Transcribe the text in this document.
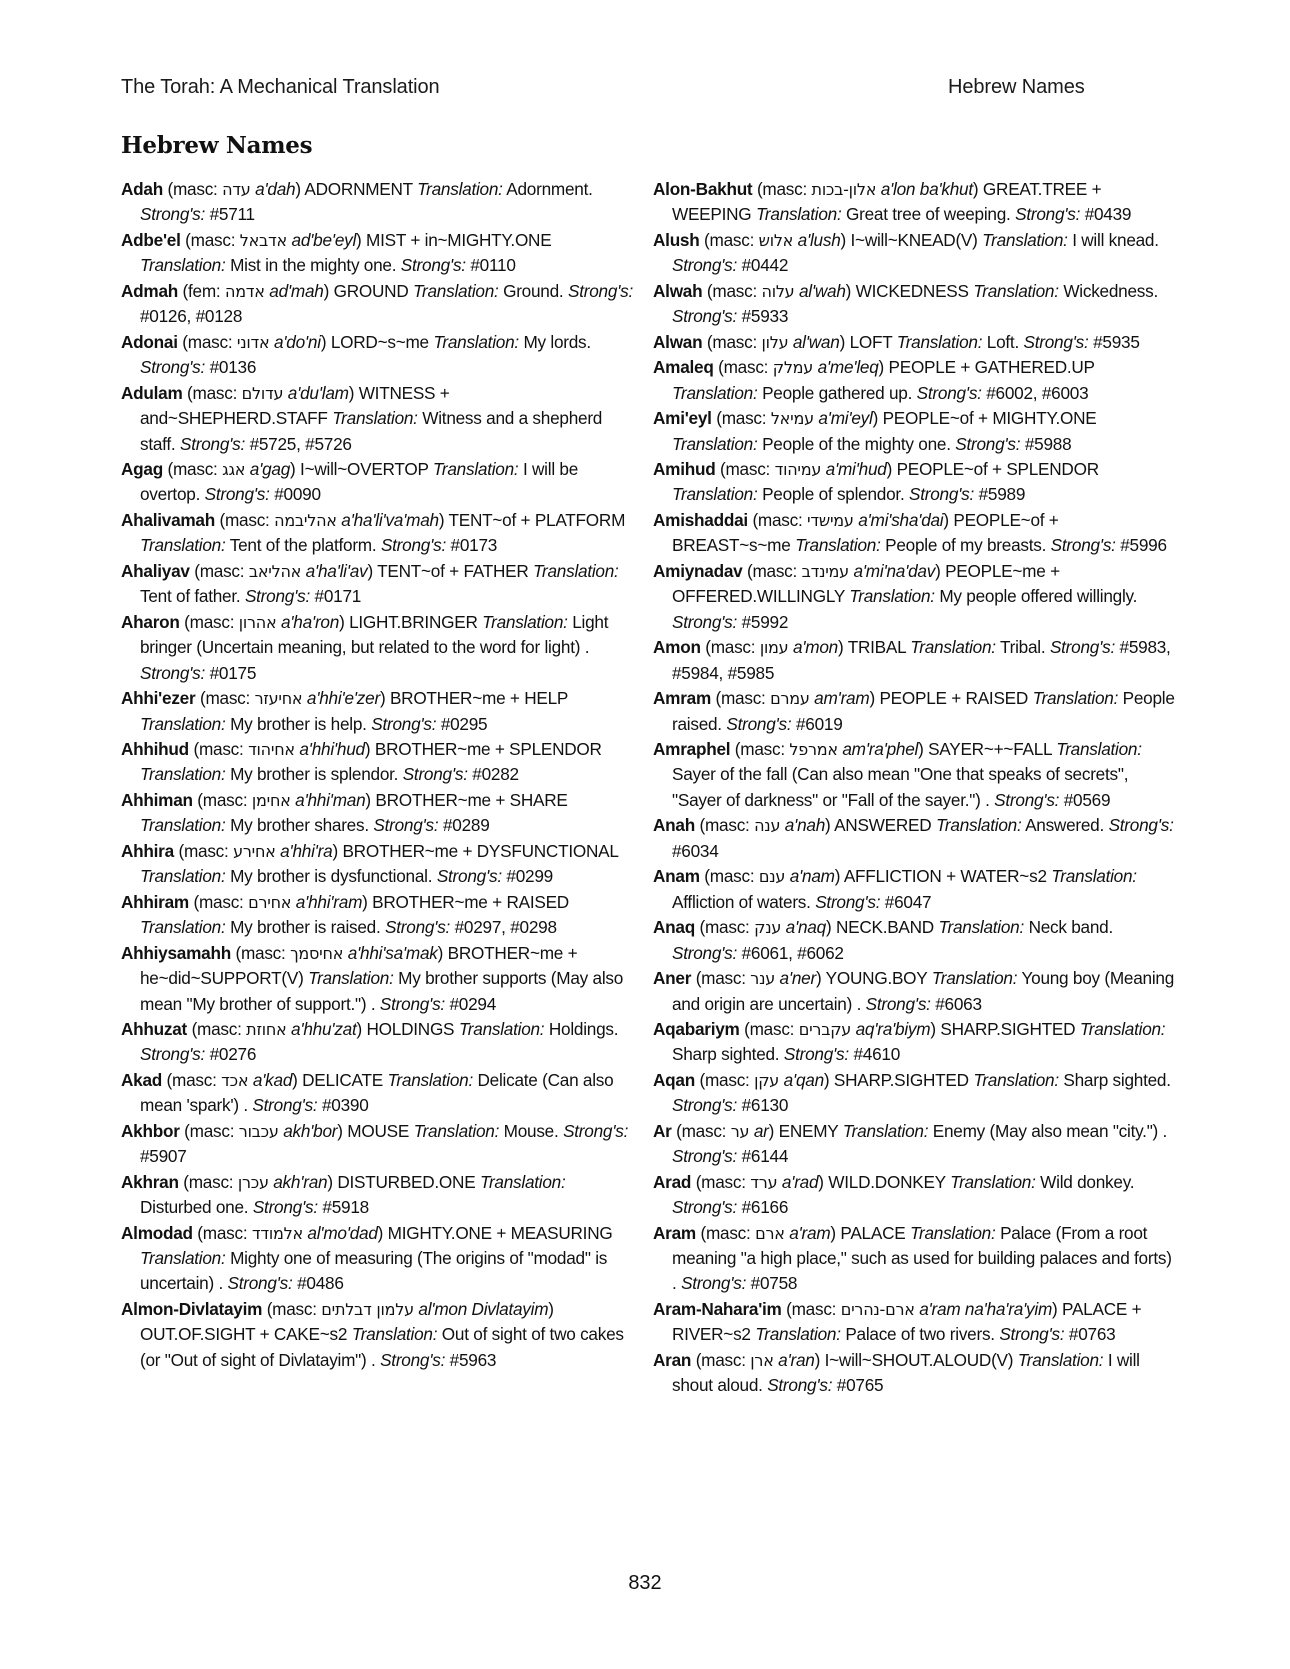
The Torah: A Mechanical Translation	Hebrew Names
Hebrew Names

Adah (masc: עדה a'dah) ADORNMENT Translation: Adornment. Strong's: #5711

Adbe'el (masc: אדבאל ad'be'eyl) MIST + in~MIGHTY.ONE Translation: Mist in the mighty one. Strong's: #0110

Admah (fem: אדמה ad'mah) GROUND Translation: Ground. Strong's: #0126, #0128

Adonai (masc: אדוני a'do'ni) LORD~s~me Translation: My lords. Strong's: #0136

Adulam (masc: עדולם a'du'lam) WITNESS + and~SHEPHERD.STAFF Translation: Witness and a shepherd staff. Strong's: #5725, #5726

Agag (masc: אגג a'gag) I~will~OVERTOP Translation: I will be overtop. Strong's: #0090

Ahalivamah (masc: אהליבמה a'ha'li'va'mah) TENT~of + PLATFORM Translation: Tent of the platform. Strong's: #0173

Ahaliyav (masc: אהליאב a'ha'li'av) TENT~of + FATHER Translation: Tent of father. Strong's: #0171

Aharon (masc: אהרון a'ha'ron) LIGHT.BRINGER Translation: Light bringer (Uncertain meaning, but related to the word for light) . Strong's: #0175

Ahhi'ezer (masc: אחיעזר a'hhi'e'zer) BROTHER~me + HELP Translation: My brother is help. Strong's: #0295

Ahhihud (masc: אחיהוד a'hhi'hud) BROTHER~me + SPLENDOR Translation: My brother is splendor. Strong's: #0282

Ahhiman (masc: אחימן a'hhi'man) BROTHER~me + SHARE Translation: My brother shares. Strong's: #0289

Ahhira (masc: אחירע a'hhi'ra) BROTHER~me + DYSFUNCTIONAL Translation: My brother is dysfunctional. Strong's: #0299

Ahhiram (masc: אחירם a'hhi'ram) BROTHER~me + RAISED Translation: My brother is raised. Strong's: #0297, #0298

Ahhiysamahh (masc: אחיסמך a'hhi'sa'mak) BROTHER~me + he~did~SUPPORT(V) Translation: My brother supports (May also mean "My brother of support.") . Strong's: #0294

Ahhuzat (masc: אחוזת a'hhu'zat) HOLDINGS Translation: Holdings. Strong's: #0276

Akad (masc: אכד a'kad) DELICATE Translation: Delicate (Can also mean 'spark') . Strong's: #0390

Akhbor (masc: עכבור akh'bor) MOUSE Translation: Mouse. Strong's: #5907

Akhran (masc: עכרן akh'ran) DISTURBED.ONE Translation: Disturbed one. Strong's: #5918

Almodad (masc: אלמודד al'mo'dad) MIGHTY.ONE + MEASURING Translation: Mighty one of measuring (The origins of "modad" is uncertain) . Strong's: #0486

Almon-Divlatayim (masc: עלמון דבלתים al'mon Divlatayim) OUT.OF.SIGHT + CAKE~s2 Translation: Out of sight of two cakes (or "Out of sight of Divlatayim") . Strong's: #5963

Alon-Bakhut (masc: אלון-בכות a'lon ba'khut) GREAT.TREE + WEEPING Translation: Great tree of weeping. Strong's: #0439

Alush (masc: אלוש a'lush) I~will~KNEAD(V) Translation: I will knead. Strong's: #0442

Alwah (masc: עלוה al'wah) WICKEDNESS Translation: Wickedness. Strong's: #5933

Alwan (masc: עלון al'wan) LOFT Translation: Loft. Strong's: #5935

Amaleq (masc: עמלק a'me'leq) PEOPLE + GATHERED.UP Translation: People gathered up. Strong's: #6002, #6003

Ami'eyl (masc: עמיאל a'mi'eyl) PEOPLE~of + MIGHTY.ONE Translation: People of the mighty one. Strong's: #5988

Amihud (masc: עמיהוד a'mi'hud) PEOPLE~of + SPLENDOR Translation: People of splendor. Strong's: #5989

Amishaddai (masc: עמישדי a'mi'sha'dai) PEOPLE~of + BREAST~s~me Translation: People of my breasts. Strong's: #5996

Amiynadav (masc: עמינדב a'mi'na'dav) PEOPLE~me + OFFERED.WILLINGLY Translation: My people offered willingly. Strong's: #5992

Amon (masc: עמון a'mon) TRIBAL Translation: Tribal. Strong's: #5983, #5984, #5985

Amram (masc: עמרם am'ram) PEOPLE + RAISED Translation: People raised. Strong's: #6019

Amraphel (masc: אמרפל am'ra'phel) SAYER~+~FALL Translation: Sayer of the fall (Can also mean "One that speaks of secrets", "Sayer of darkness" or "Fall of the sayer.") . Strong's: #0569

Anah (masc: ענה a'nah) ANSWERED Translation: Answered. Strong's: #6034

Anam (masc: ענם a'nam) AFFLICTION + WATER~s2 Translation: Affliction of waters. Strong's: #6047

Anaq (masc: ענק a'naq) NECK.BAND Translation: Neck band. Strong's: #6061, #6062

Aner (masc: ענר a'ner) YOUNG.BOY Translation: Young boy (Meaning and origin are uncertain) . Strong's: #6063

Aqabariym (masc: עקברים aq'ra'biym) SHARP.SIGHTED Translation: Sharp sighted. Strong's: #4610

Aqan (masc: עקן a'qan) SHARP.SIGHTED Translation: Sharp sighted. Strong's: #6130

Ar (masc: ער ar) ENEMY Translation: Enemy (May also mean "city.") . Strong's: #6144

Arad (masc: ערד a'rad) WILD.DONKEY Translation: Wild donkey. Strong's: #6166

Aram (masc: ארם a'ram) PALACE Translation: Palace (From a root meaning "a high place," such as used for building palaces and forts) . Strong's: #0758

Aram-Nahara'im (masc: ארם-נהרים a'ram na'ha'ra'yim) PALACE + RIVER~s2 Translation: Palace of two rivers. Strong's: #0763

Aran (masc: ארן a'ran) I~will~SHOUT.ALOUD(V) Translation: I will shout aloud. Strong's: #0765

832
